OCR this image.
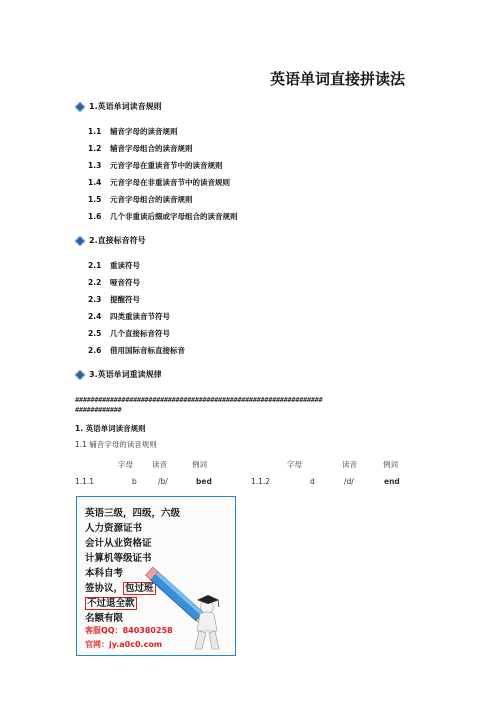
英语单词直接拼读法
1.英语单词读音规则
1.1 辅音字母的读音规则
1.2 辅音字母组合的读音规则
1.3 元音字母在重读音节中的读音规则
1.4 元音字母在非重读音节中的读音规则
1.5 元音字母组合的读音规则
1.6 几个非重读后缀或字母组合的读音规则
2.直接标音符号
2.1 重读符号
2.2 哑音符号
2.3 提醒符号
2.4 四类重读音节符号
2.5 几个直接标音符号
2.6 借用国际音标直接标音
3.英语单词重读规律
################################################################
############
1. 英语单词读音规则
1.1 辅音字母的读音规则
字母	读音	例词	字母	读音	例词
1.1.1	b	/b/	bed	1.1.2	d	/d/	end
英语三级，四级，六级
人力资源证书
会计从业资格证
计算机等级证书
本科自考
签协议， 包过班
不过退全款
名额有限
客服QQ：840380258
官网：jy.a0c0.com
